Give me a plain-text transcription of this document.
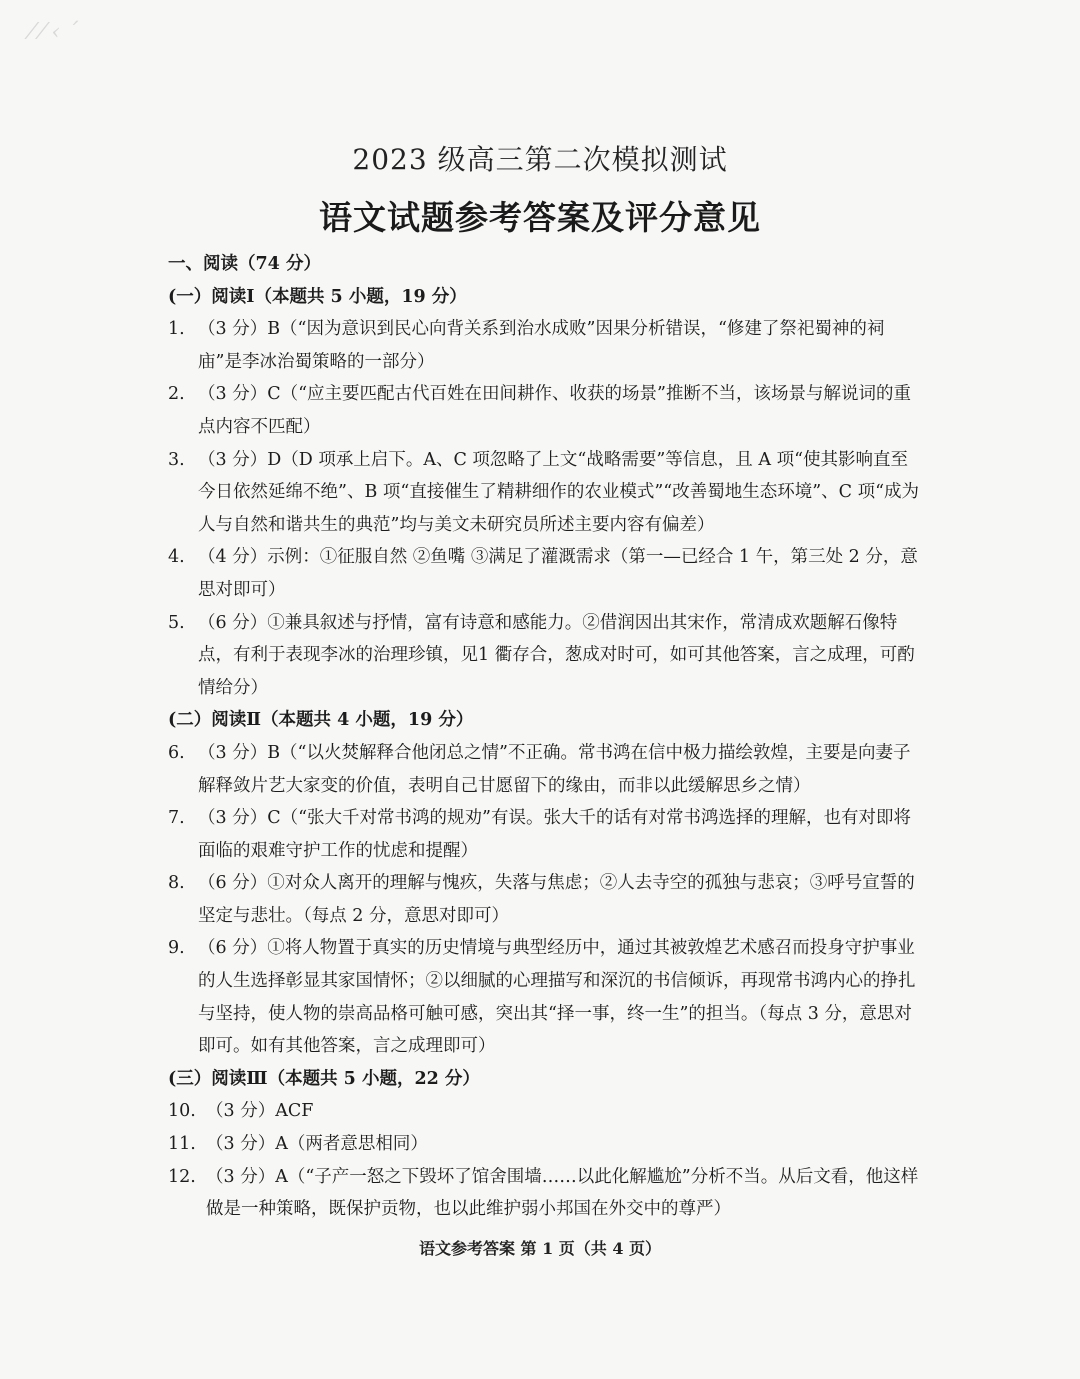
⁄ ⁄ ‹ ´
2023 级高三第二次模拟测试
语文试题参考答案及评分意见
一、阅读（74 分）
(一）阅读Ⅰ（本题共 5 小题，19 分）
1. （3 分）B（“因为意识到民心向背关系到治水成败”因果分析错误，“修建了祭祀蜀神的祠庙”是李冰治蜀策略的一部分）
2. （3 分）C（“应主要匹配古代百姓在田间耕作、收获的场景”推断不当，该场景与解说词的重点内容不匹配）
3. （3 分）D（D 项承上启下。A、C 项忽略了上文“战略需要”等信息，且 A 项“使其影响直至今日依然延绵不绝”、B 项“直接催生了精耕细作的农业模式”“改善蜀地生态环境”、C 项“成为人与自然和谐共生的典范”均与美文未研究员所述主要内容有偏差）
4. （4 分）示例：①征服自然 ②鱼嘴 ③满足了灌溉需求（第一—已经合 1 午，第三处 2 分，意思对即可）
5. （6 分）①兼具叙述与抒情，富有诗意和感能力。②借润因出其宋作，常清成欢题解石像特点，有利于表现李冰的治理珍镇，见1 衢存合，葱成对时可，如可其他答案，言之成理，可酌情给分）
(二）阅读Ⅱ（本题共 4 小题，19 分）
6. （3 分）B（“以火焚解释合他闭总之情”不正确。常书鸿在信中极力描绘敦煌，主要是向妻子解释敛片艺大家变的价值，表明自己甘愿留下的缘由，而非以此缓解思乡之情）
7. （3 分）C（“张大千对常书鸿的规劝”有误。张大千的话有对常书鸿选择的理解，也有对即将面临的艰难守护工作的忧虑和提醒）
8. （6 分）①对众人离开的理解与愧疚，失落与焦虑；②人去寺空的孤独与悲哀；③呼号宣誓的坚定与悲壮。（每点 2 分，意思对即可）
9. （6 分）①将人物置于真实的历史情境与典型经历中，通过其被敦煌艺术感召而投身守护事业的人生选择彰显其家国情怀；②以细腻的心理描写和深沉的书信倾诉，再现常书鸿内心的挣扎与坚持，使人物的崇高品格可触可感，突出其“择一事，终一生”的担当。（每点 3 分，意思对即可。如有其他答案，言之成理即可）
(三）阅读Ⅲ（本题共 5 小题，22 分）
10. （3 分）ACF
11. （3 分）A（两者意思相同）
12. （3 分）A（“子产一怒之下毁坏了馆舍围墙……以此化解尴尬”分析不当。从后文看，他这样做是一种策略，既保护贡物，也以此维护弱小邦国在外交中的尊严）
语文参考答案 第 1 页（共 4 页）
